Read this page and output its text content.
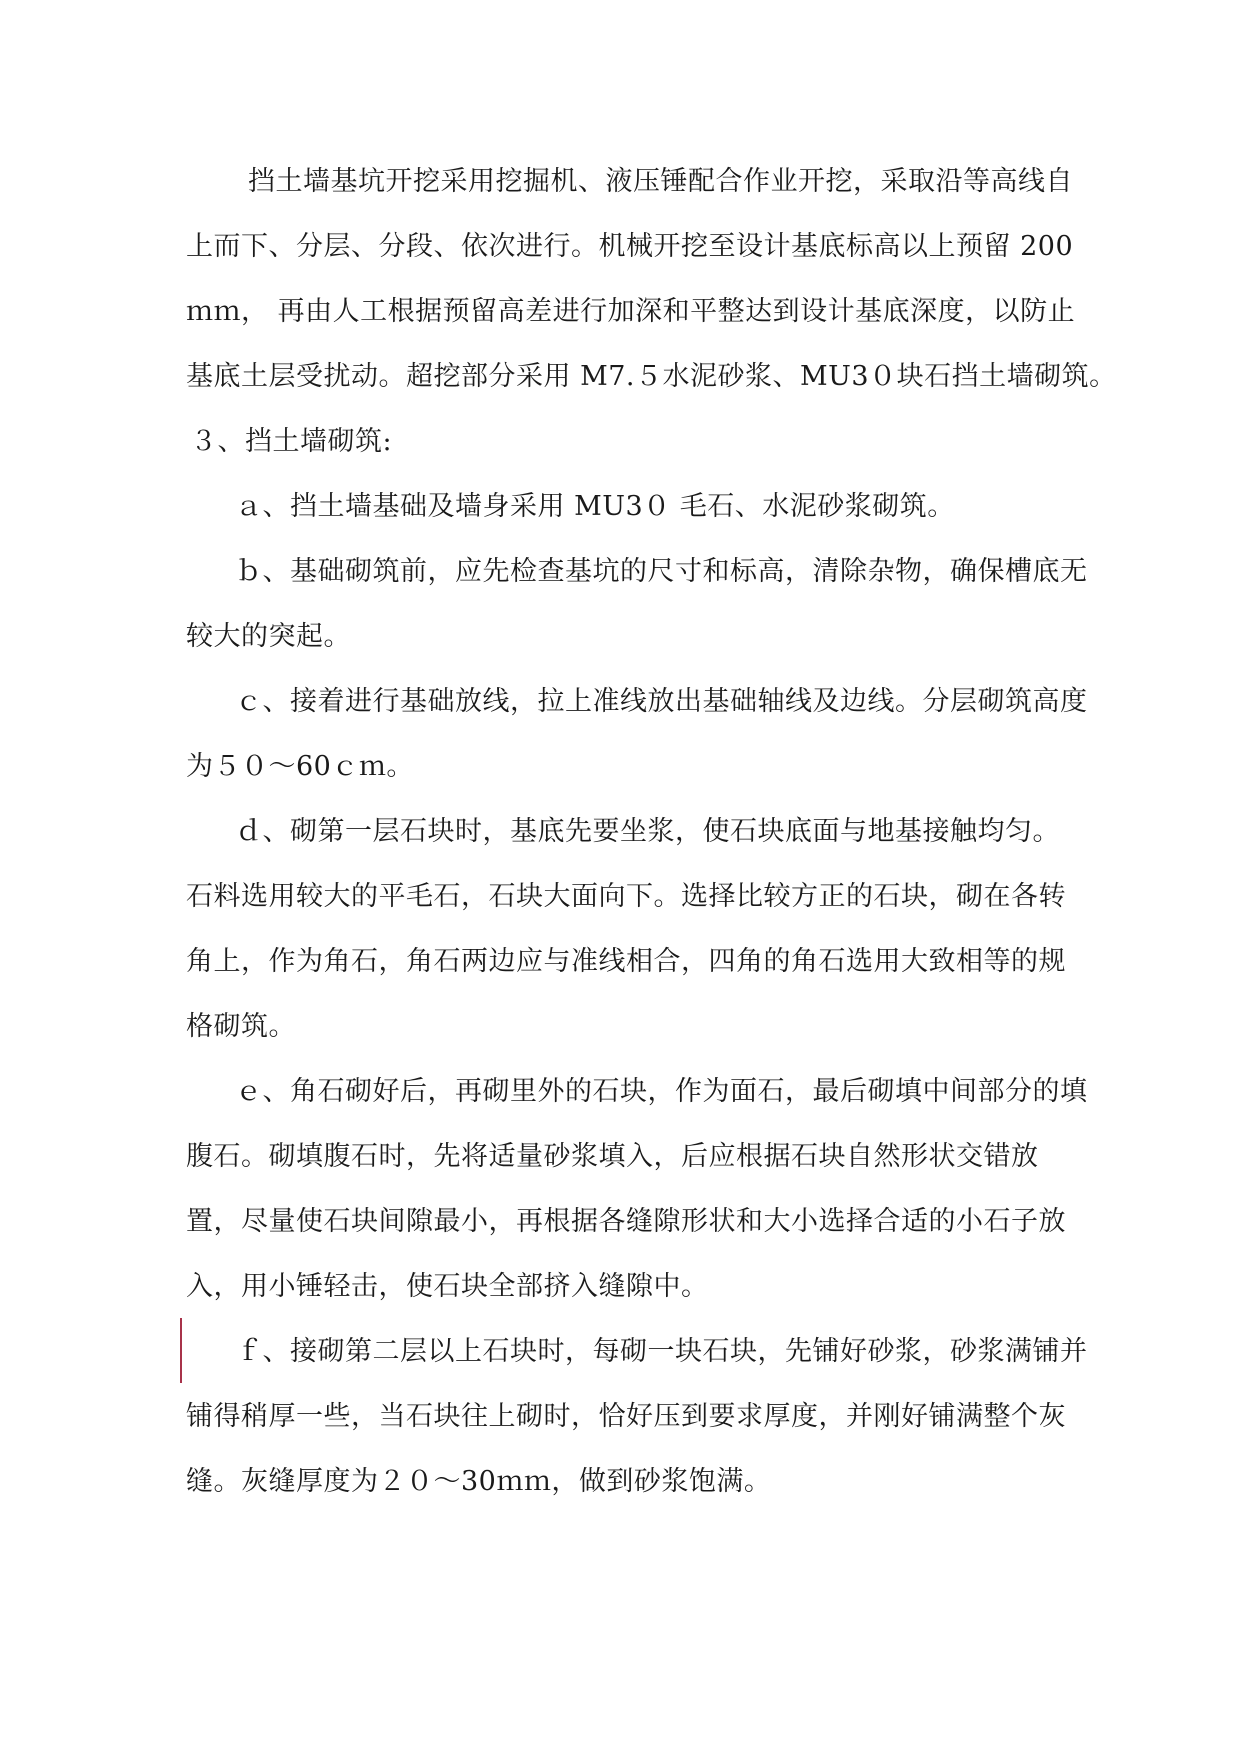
挡土墙基坑开挖采用挖掘机、液压锤配合作业开挖，采取沿等高线自
上而下、分层、分段、依次进行。机械开挖至设计基底标高以上预留 200
ｍｍ， 再由人工根据预留高差进行加深和平整达到设计基底深度，以防止
基底土层受扰动。超挖部分采用 M7.５水泥砂浆、MU3０块石挡土墙砌筑。
３、挡土墙砌筑:
ａ、挡土墙基础及墙身采用 MU3０ 毛石、水泥砂浆砌筑。
ｂ、基础砌筑前，应先检查基坑的尺寸和标高，清除杂物，确保槽底无
较大的突起。
ｃ、接着进行基础放线，拉上准线放出基础轴线及边线。分层砌筑高度
为５０～60ｃｍ。
ｄ、砌第一层石块时，基底先要坐浆，使石块底面与地基接触均匀。
石料选用较大的平毛石，石块大面向下。选择比较方正的石块，砌在各转
角上，作为角石，角石两边应与准线相合，四角的角石选用大致相等的规
格砌筑。
ｅ、角石砌好后，再砌里外的石块，作为面石，最后砌填中间部分的填
腹石。砌填腹石时，先将适量砂浆填入，后应根据石块自然形状交错放
置，尽量使石块间隙最小，再根据各缝隙形状和大小选择合适的小石子放
入，用小锤轻击，使石块全部挤入缝隙中。
ｆ、接砌第二层以上石块时，每砌一块石块，先铺好砂浆，砂浆满铺并
铺得稍厚一些，当石块往上砌时，恰好压到要求厚度，并刚好铺满整个灰
缝。灰缝厚度为２０～30ｍｍ，做到砂浆饱满。
